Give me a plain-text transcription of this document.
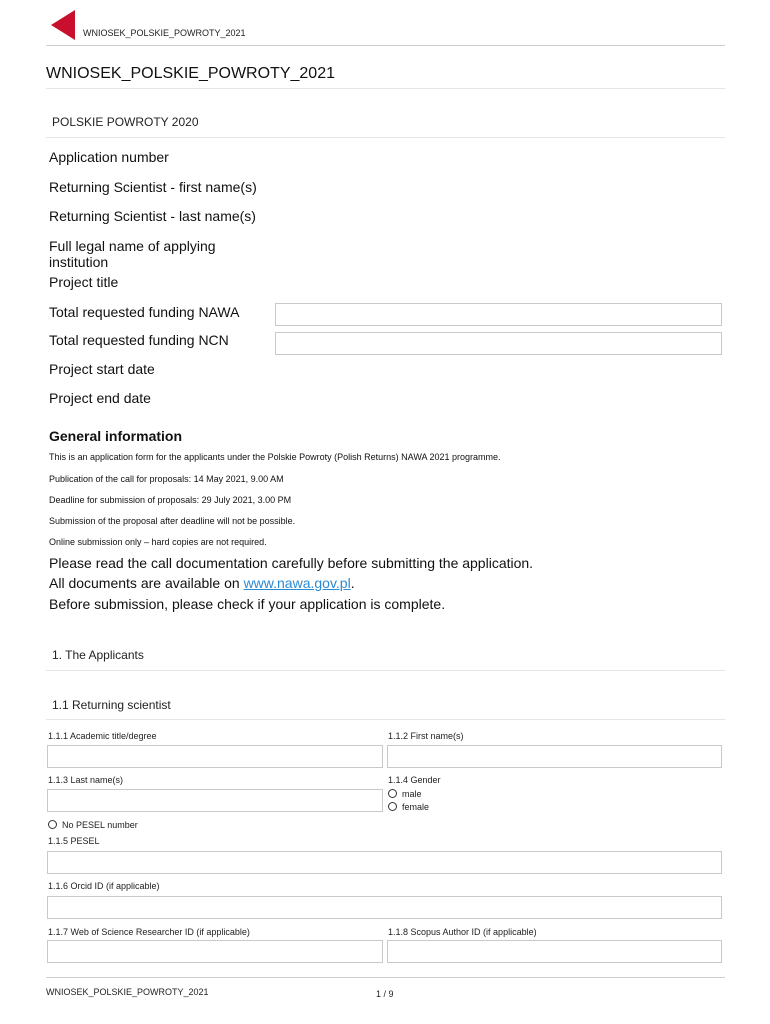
WNIOSEK_POLSKIE_POWROTY_2021
WNIOSEK_POLSKIE_POWROTY_2021
POLSKIE POWROTY 2020
Application number
Returning Scientist - first name(s)
Returning Scientist - last name(s)
Full legal name of applying institution
Project title
Total requested funding NAWA
Total requested funding NCN
Project start date
Project end date
General information
This is an application form for the applicants under the Polskie Powroty (Polish Returns) NAWA 2021 programme.
Publication of the call for proposals: 14 May 2021, 9.00 AM
Deadline for submission of proposals: 29 July 2021, 3.00 PM
Submission of the proposal after deadline will not be possible.
Online submission only – hard copies are not required.
Please read the call documentation carefully before submitting the application.
All documents are available on www.nawa.gov.pl.
Before submission, please check if your application is complete.
1. The Applicants
1.1 Returning scientist
1.1.1 Academic title/degree	1.1.2 First name(s)
1.1.3 Last name(s)	1.1.4 Gender
male
female
No PESEL number
1.1.5 PESEL
1.1.6 Orcid ID (if applicable)
1.1.7 Web of Science Researcher ID (if applicable)	1.1.8 Scopus Author ID (if applicable)
WNIOSEK_POLSKIE_POWROTY_2021	1 / 9
